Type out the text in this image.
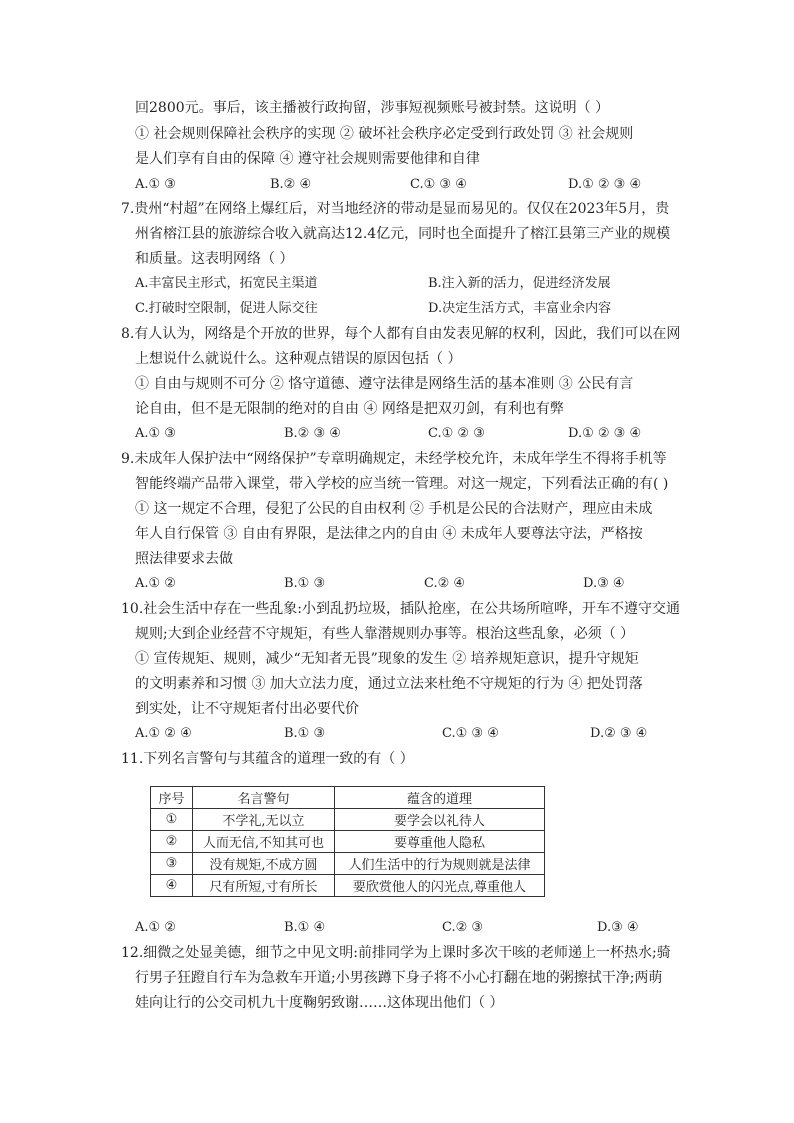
回2800元。事后，该主播被行政拘留，涉事短视频账号被封禁。这说明（ ）
① 社会规则保障社会秩序的实现 ② 破坏社会秩序必定受到行政处罚 ③ 社会规则
是人们享有自由的保障 ④ 遵守社会规则需要他律和自律
A.① ③	B.② ④	C.① ③ ④	D.① ② ③ ④
7.贵州“村超”在网络上爆红后，对当地经济的带动是显而易见的。仅仅在2023年5月，贵
州省榕江县的旅游综合收入就高达12.4亿元，同时也全面提升了榕江县第三产业的规模
和质量。这表明网络（ ）
A.丰富民主形式，拓宽民主渠道	B.注入新的活力，促进经济发展
C.打破时空限制，促进人际交往	D.决定生活方式，丰富业余内容
8.有人认为，网络是个开放的世界，每个人都有自由发表见解的权利，因此，我们可以在网
上想说什么就说什么。这种观点错误的原因包括（ ）
① 自由与规则不可分 ② 恪守道德、遵守法律是网络生活的基本准则 ③ 公民有言
论自由，但不是无限制的绝对的自由 ④ 网络是把双刃剑，有利也有弊
A.① ③	B.② ③ ④	C.① ② ③	D.① ② ③ ④
9.未成年人保护法中“网络保护”专章明确规定，未经学校允许，未成年学生不得将手机等
智能终端产品带入课堂，带入学校的应当统一管理。对这一规定，下列看法正确的有( )
① 这一规定不合理，侵犯了公民的自由权利 ② 手机是公民的合法财产，理应由未成
年人自行保管 ③ 自由有界限，是法律之内的自由 ④ 未成年人要尊法守法，严格按
照法律要求去做
A.① ②	B.① ③	C.② ④	D.③ ④
10.社会生活中存在一些乱象:小到乱扔垃圾，插队抢座，在公共场所喧哗，开车不遵守交通
规则;大到企业经营不守规矩，有些人靠潜规则办事等。根治这些乱象，必须（ ）
① 宣传规矩、规则，减少“无知者无畏”现象的发生 ② 培养规矩意识，提升守规矩
的文明素养和习惯 ③ 加大立法力度，通过立法来杜绝不守规矩的行为 ④ 把处罚落
到实处，让不守规矩者付出必要代价
A.① ② ④	B.① ③	C.① ③ ④	D.② ③ ④
11.下列名言警句与其蕴含的道理一致的有（ ）
序号	名言警句	蕴含的道理
①	不学礼,无以立	要学会以礼待人
②	人而无信,不知其可也	要尊重他人隐私
③	没有规矩,不成方圆	人们生活中的行为规则就是法律
④	尺有所短,寸有所长	要欣赏他人的闪光点,尊重他人
A.① ②	B.① ④	C.② ③	D.③ ④
12.细微之处显美德，细节之中见文明:前排同学为上课时多次干咳的老师递上一杯热水;骑
行男子狂蹬自行车为急救车开道;小男孩蹲下身子将不小心打翻在地的粥擦拭干净;两萌
娃向让行的公交司机九十度鞠躬致谢……这体现出他们（ ）
